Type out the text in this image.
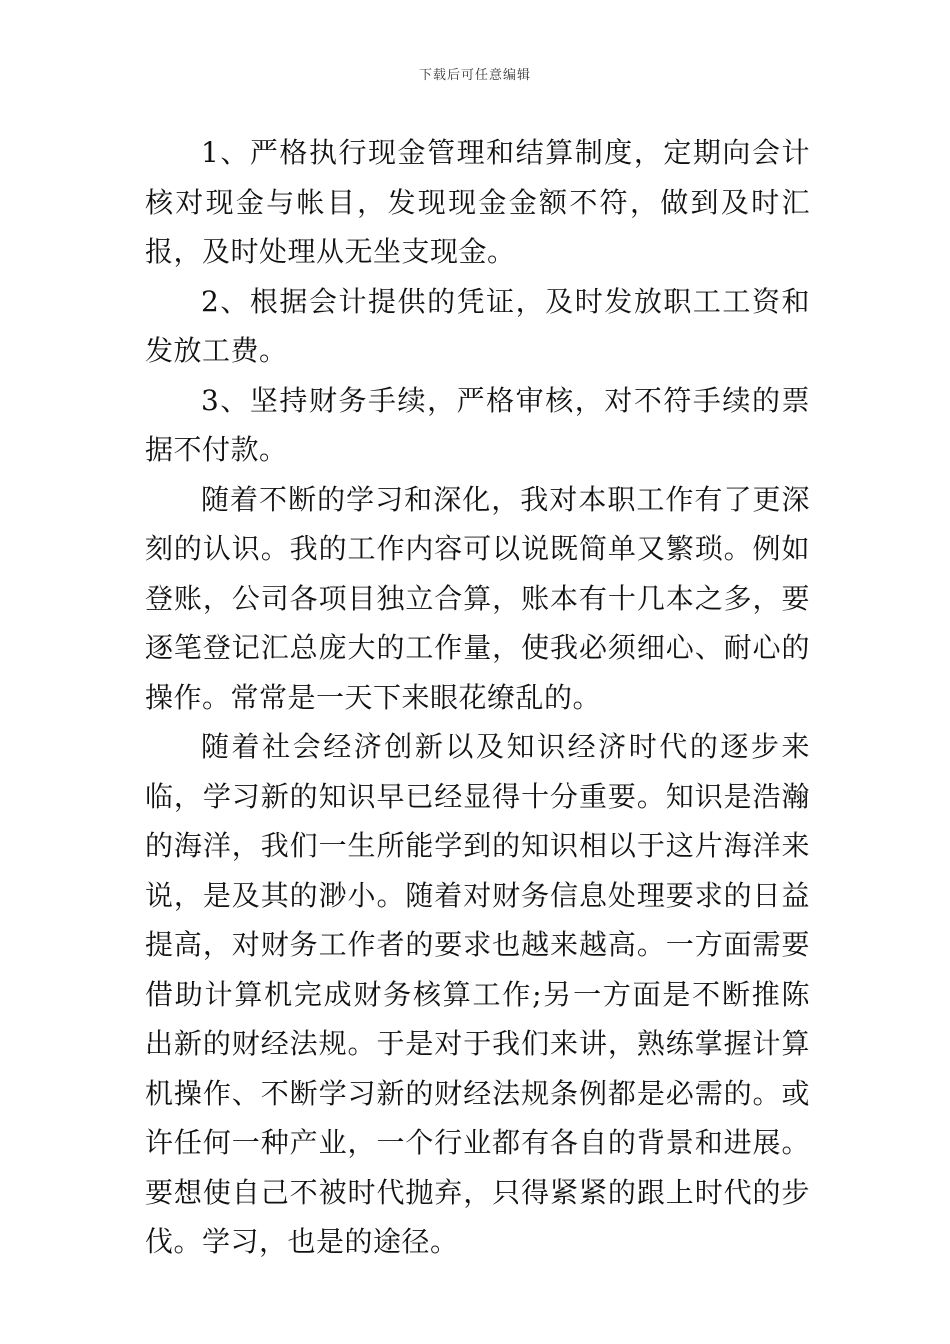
下载后可任意编辑

1、严格执行现金管理和结算制度，定期向会计核对现金与帐目，发现现金金额不符，做到及时汇报，及时处理从无坐支现金。

2、根据会计提供的凭证，及时发放职工工资和发放工费。

3、坚持财务手续，严格审核，对不符手续的票据不付款。

随着不断的学习和深化，我对本职工作有了更深刻的认识。我的工作内容可以说既简单又繁琐。例如登账，公司各项目独立合算，账本有十几本之多，要逐笔登记汇总庞大的工作量，使我必须细心、耐心的操作。常常是一天下来眼花缭乱的。

随着社会经济创新以及知识经济时代的逐步来临，学习新的知识早已经显得十分重要。知识是浩瀚的海洋，我们一生所能学到的知识相以于这片海洋来说，是及其的渺小。随着对财务信息处理要求的日益提高，对财务工作者的要求也越来越高。一方面需要借助计算机完成财务核算工作;另一方面是不断推陈出新的财经法规。于是对于我们来讲，熟练掌握计算机操作、不断学习新的财经法规条例都是必需的。或许任何一种产业，一个行业都有各自的背景和进展。要想使自己不被时代抛弃，只得紧紧的跟上时代的步伐。学习，也是的途径。
